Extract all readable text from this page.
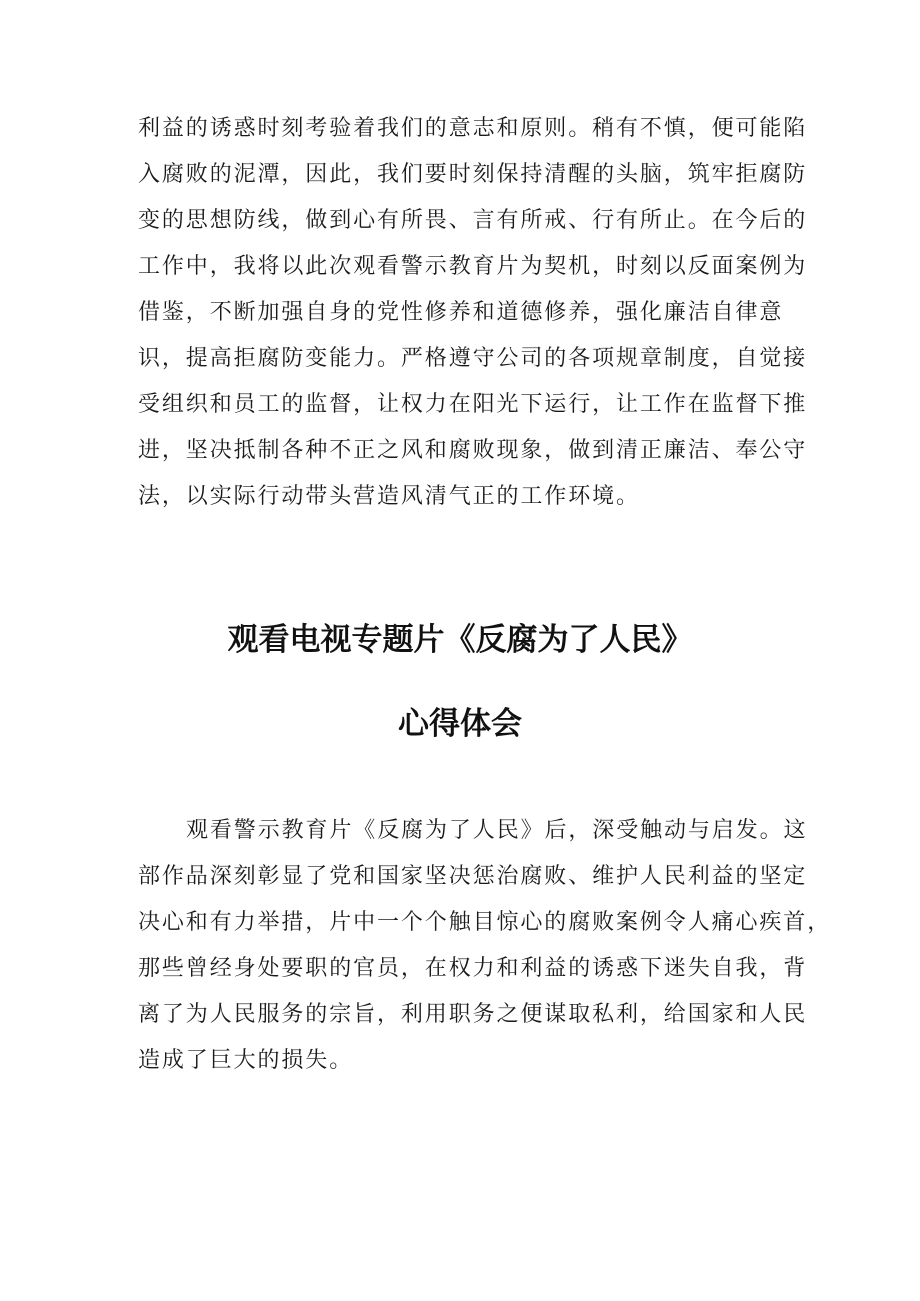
利益的诱惑时刻考验着我们的意志和原则。稍有不慎，便可能陷
入腐败的泥潭，因此，我们要时刻保持清醒的头脑，筑牢拒腐防
变的思想防线，做到心有所畏、言有所戒、行有所止。在今后的
工作中，我将以此次观看警示教育片为契机，时刻以反面案例为
借鉴，不断加强自身的党性修养和道德修养，强化廉洁自律意
识，提高拒腐防变能力。严格遵守公司的各项规章制度，自觉接
受组织和员工的监督，让权力在阳光下运行，让工作在监督下推
进，坚决抵制各种不正之风和腐败现象，做到清正廉洁、奉公守
法，以实际行动带头营造风清气正的工作环境。
观看电视专题片《反腐为了人民》
心得体会
观看警示教育片《反腐为了人民》后，深受触动与启发。这
部作品深刻彰显了党和国家坚决惩治腐败、维护人民利益的坚定
决心和有力举措，片中一个个触目惊心的腐败案例令人痛心疾首，
那些曾经身处要职的官员，在权力和利益的诱惑下迷失自我，背
离了为人民服务的宗旨，利用职务之便谋取私利，给国家和人民
造成了巨大的损失。
